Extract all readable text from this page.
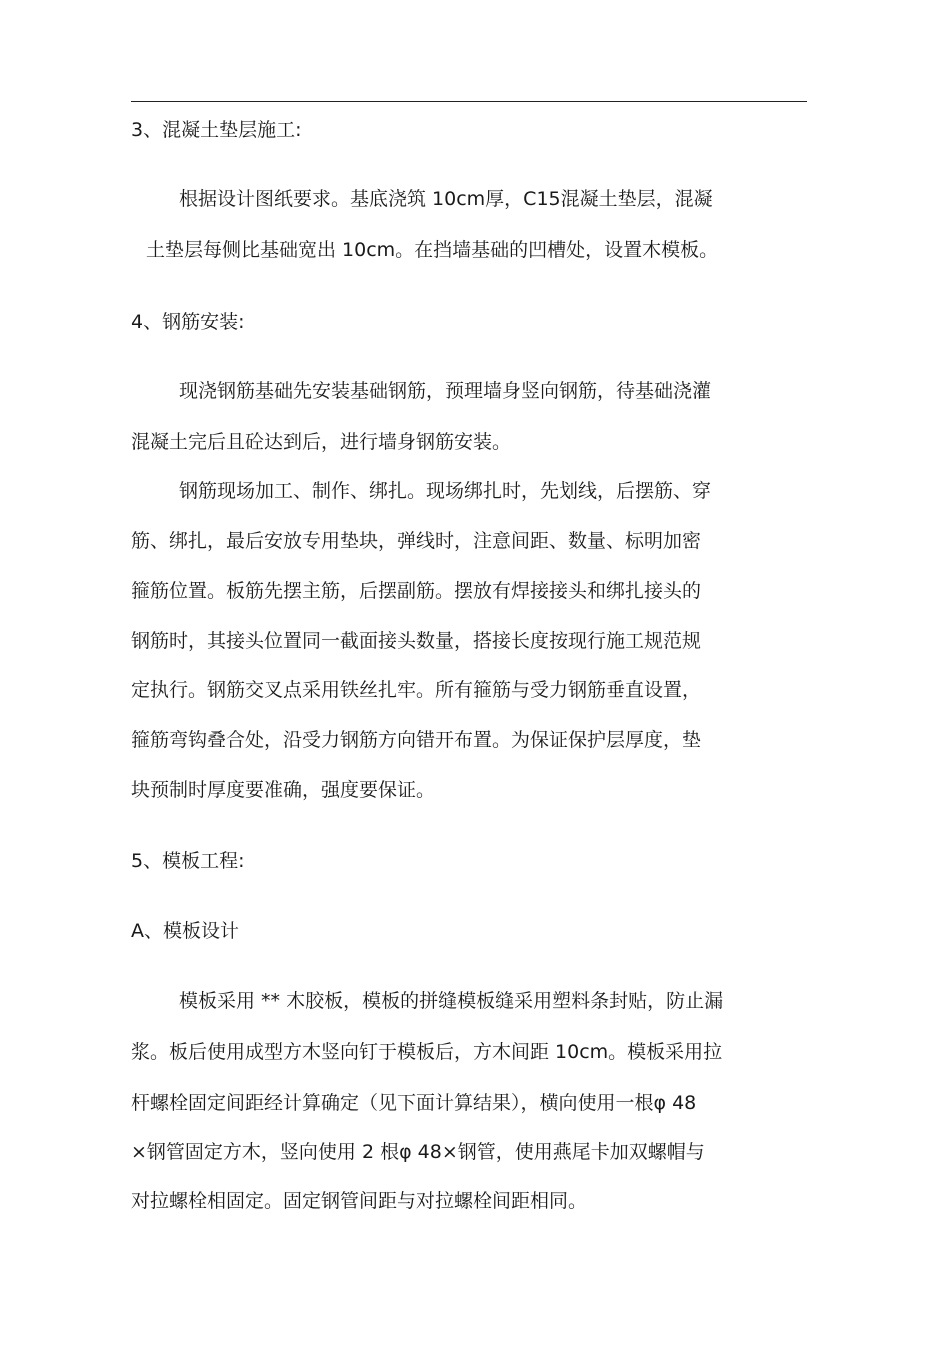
3、混凝土垫层施工:

根据设计图纸要求。基底浇筑 10cm厚，C15混凝土垫层，混凝

土垫层每侧比基础宽出 10cm。在挡墙基础的凹槽处，设置木模板。

4、钢筋安装:

现浇钢筋基础先安装基础钢筋，预理墙身竖向钢筋，待基础浇灌

混凝土完后且砼达到后，进行墙身钢筋安装。

钢筋现场加工、制作、绑扎。现场绑扎时，先划线，后摆筋、穿

筋、绑扎，最后安放专用垫块，弹线时，注意间距、数量、标明加密

箍筋位置。板筋先摆主筋，后摆副筋。摆放有焊接接头和绑扎接头的

钢筋时，其接头位置同一截面接头数量，搭接长度按现行施工规范规

定执行。钢筋交叉点采用铁丝扎牢。所有箍筋与受力钢筋垂直设置，

箍筋弯钩叠合处，沿受力钢筋方向错开布置。为保证保护层厚度，垫

块预制时厚度要准确，强度要保证。

5、模板工程:

A、模板设计

模板采用 ** 木胶板，模板的拼缝模板缝采用塑料条封贴，防止漏

浆。板后使用成型方木竖向钉于模板后，方木间距 10cm。模板采用拉

杆螺栓固定间距经计算确定（见下面计算结果），横向使用一根φ 48

×钢管固定方木，竖向使用 2 根φ 48×钢管，使用燕尾卡加双螺帽与

对拉螺栓相固定。固定钢管间距与对拉螺栓间距相同。
